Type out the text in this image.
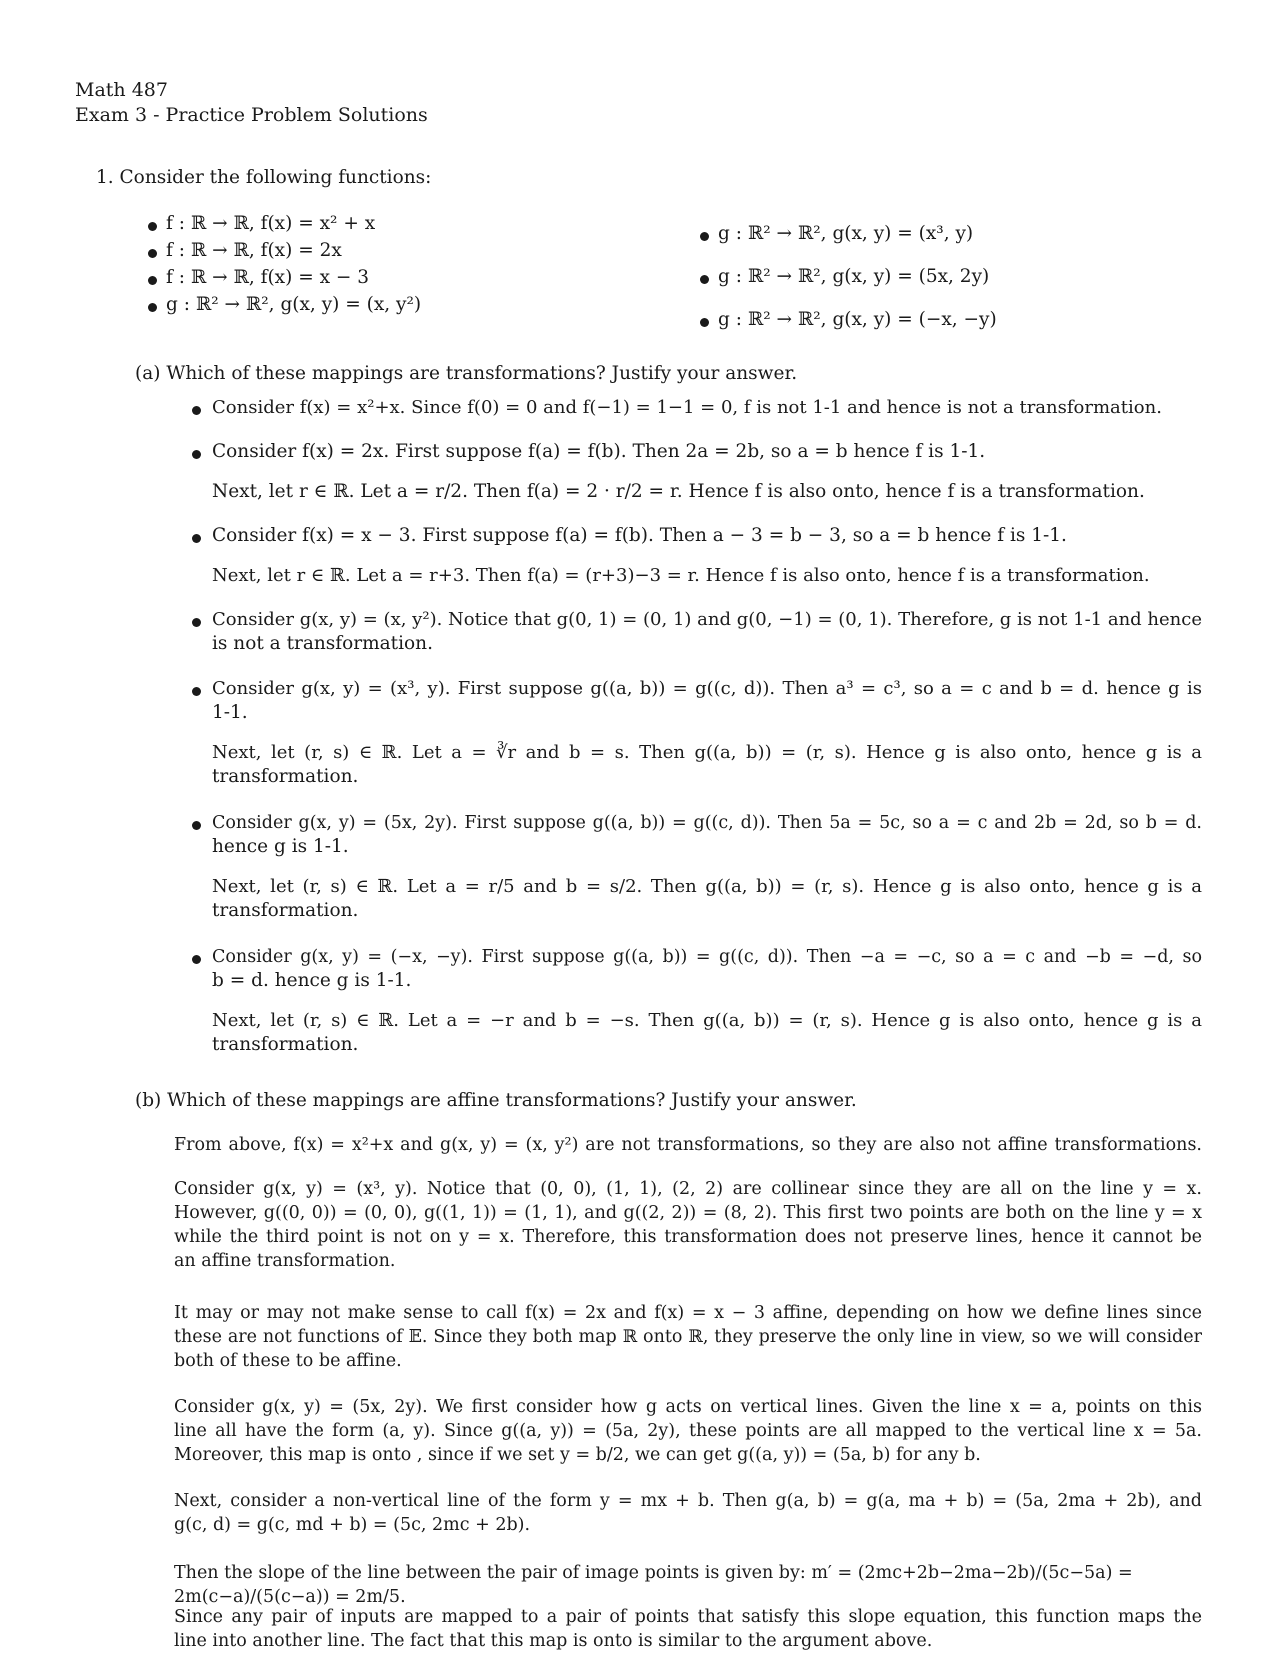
Math 487
Exam 3 - Practice Problem Solutions
1. Consider the following functions:
f : ℝ → ℝ, f(x) = x² + x
f : ℝ → ℝ, f(x) = 2x
f : ℝ → ℝ, f(x) = x − 3
g : ℝ² → ℝ², g(x, y) = (x, y²)
g : ℝ² → ℝ², g(x, y) = (x³, y)
g : ℝ² → ℝ², g(x, y) = (5x, 2y)
g : ℝ² → ℝ², g(x, y) = (−x, −y)
(a) Which of these mappings are transformations? Justify your answer.
Consider f(x) = x²+x. Since f(0) = 0 and f(−1) = 1−1 = 0, f is not 1-1 and hence is not a transformation.
Consider f(x) = 2x. First suppose f(a) = f(b). Then 2a = 2b, so a = b hence f is 1-1.
Next, let r ∈ ℝ. Let a = r/2. Then f(a) = 2 · r/2 = r. Hence f is also onto, hence f is a transformation.
Consider f(x) = x − 3. First suppose f(a) = f(b). Then a − 3 = b − 3, so a = b hence f is 1-1.
Next, let r ∈ ℝ. Let a = r+3. Then f(a) = (r+3)−3 = r. Hence f is also onto, hence f is a transformation.
Consider g(x, y) = (x, y²). Notice that g(0, 1) = (0, 1) and g(0, −1) = (0, 1). Therefore, g is not 1-1 and hence
is not a transformation.
Consider g(x, y) = (x³, y). First suppose g((a, b)) = g((c, d)). Then a³ = c³, so a = c and b = d. hence g is
1-1.
Next, let (r, s) ∈ ℝ. Let a = ∛r and b = s. Then g((a, b)) = (r, s). Hence g is also onto, hence g is a
transformation.
Consider g(x, y) = (5x, 2y). First suppose g((a, b)) = g((c, d)). Then 5a = 5c, so a = c and 2b = 2d, so b = d.
hence g is 1-1.
Next, let (r, s) ∈ ℝ. Let a = r/5 and b = s/2. Then g((a, b)) = (r, s). Hence g is also onto, hence g is a
transformation.
Consider g(x, y) = (−x, −y). First suppose g((a, b)) = g((c, d)). Then −a = −c, so a = c and −b = −d, so
b = d. hence g is 1-1.
Next, let (r, s) ∈ ℝ. Let a = −r and b = −s. Then g((a, b)) = (r, s). Hence g is also onto, hence g is a
transformation.
(b) Which of these mappings are affine transformations? Justify your answer.
From above, f(x) = x²+x and g(x, y) = (x, y²) are not transformations, so they are also not affine transformations.
Consider g(x, y) = (x³, y). Notice that (0, 0), (1, 1), (2, 2) are collinear since they are all on the line y = x.
However, g((0, 0)) = (0, 0), g((1, 1)) = (1, 1), and g((2, 2)) = (8, 2). This first two points are both on the line y = x
while the third point is not on y = x. Therefore, this transformation does not preserve lines, hence it cannot be
an affine transformation.
It may or may not make sense to call f(x) = 2x and f(x) = x − 3 affine, depending on how we define lines since
these are not functions of 𝔼. Since they both map ℝ onto ℝ, they preserve the only line in view, so we will consider
both of these to be affine.
Consider g(x, y) = (5x, 2y). We first consider how g acts on vertical lines. Given the line x = a, points on this
line all have the form (a, y). Since g((a, y)) = (5a, 2y), these points are all mapped to the vertical line x = 5a.
Moreover, this map is onto , since if we set y = b/2, we can get g((a, y)) = (5a, b) for any b.
Next, consider a non-vertical line of the form y = mx + b. Then g(a, b) = g(a, ma + b) = (5a, 2ma + 2b), and
g(c, d) = g(c, md + b) = (5c, 2mc + 2b).
Then the slope of the line between the pair of image points is given by: m′ = (2mc+2b−2ma−2b)/(5c−5a) = 2m(c−a)/(5(c−a)) = 2m/5.
Since any pair of inputs are mapped to a pair of points that satisfy this slope equation, this function maps the
line into another line. The fact that this map is onto is similar to the argument above.
